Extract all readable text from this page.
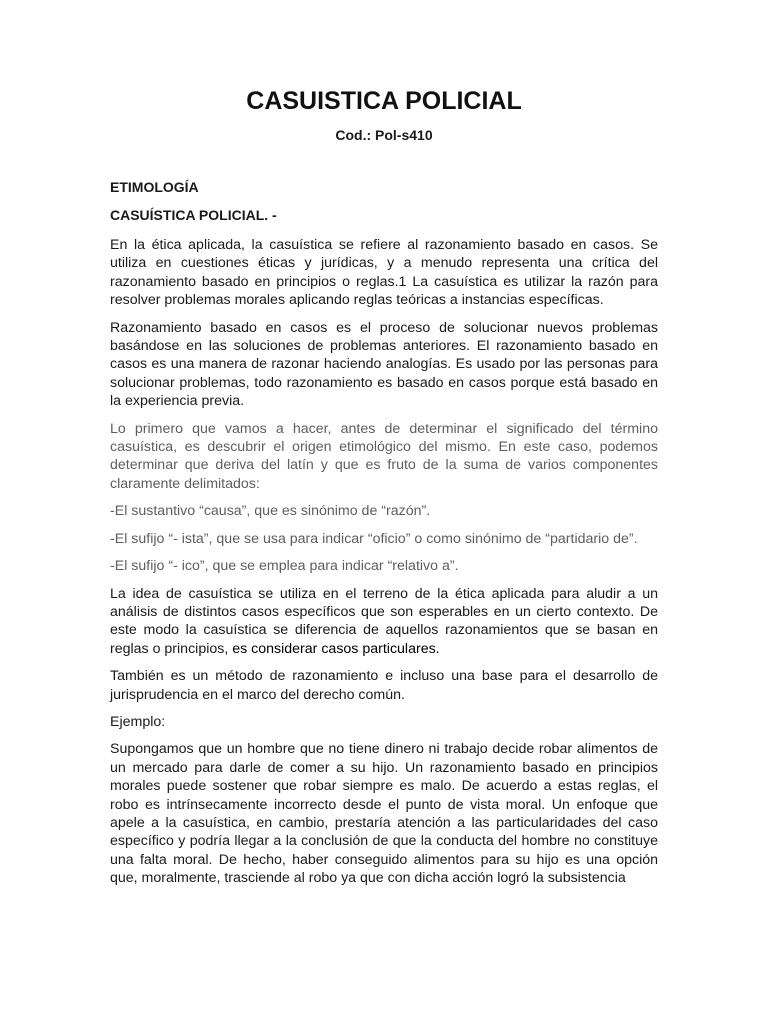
CASUISTICA POLICIAL
Cod.: Pol-s410
ETIMOLOGÍA
CASUÍSTICA POLICIAL. -

En la ética aplicada, la casuística se refiere al razonamiento basado en casos. Se utiliza en cuestiones éticas y jurídicas, y a menudo representa una crítica del razonamiento basado en principios o reglas.1 La casuística es utilizar la razón para resolver problemas morales aplicando reglas teóricas a instancias específicas.

Razonamiento basado en casos es el proceso de solucionar nuevos problemas basándose en las soluciones de problemas anteriores. El razonamiento basado en casos es una manera de razonar haciendo analogías. Es usado por las personas para solucionar problemas, todo razonamiento es basado en casos porque está basado en la experiencia previa.

Lo primero que vamos a hacer, antes de determinar el significado del término casuística, es descubrir el origen etimológico del mismo. En este caso, podemos determinar que deriva del latín y que es fruto de la suma de varios componentes claramente delimitados:

-El sustantivo “causa”, que es sinónimo de “razón”.

-El sufijo “- ista”, que se usa para indicar “oficio” o como sinónimo de “partidario de”.

-El sufijo “- ico”, que se emplea para indicar “relativo a”.

La idea de casuística se utiliza en el terreno de la ética aplicada para aludir a un análisis de distintos casos específicos que son esperables en un cierto contexto. De este modo la casuística se diferencia de aquellos razonamientos que se basan en reglas o principios, es considerar casos particulares.

También es un método de razonamiento e incluso una base para el desarrollo de jurisprudencia en el marco del derecho común.

Ejemplo:

Supongamos que un hombre que no tiene dinero ni trabajo decide robar alimentos de un mercado para darle de comer a su hijo. Un razonamiento basado en principios morales puede sostener que robar siempre es malo. De acuerdo a estas reglas, el robo es intrínsecamente incorrecto desde el punto de vista moral. Un enfoque que apele a la casuística, en cambio, prestaría atención a las particularidades del caso específico y podría llegar a la conclusión de que la conducta del hombre no constituye una falta moral. De hecho, haber conseguido alimentos para su hijo es una opción que, moralmente, trasciende al robo ya que con dicha acción logró la subsistencia
